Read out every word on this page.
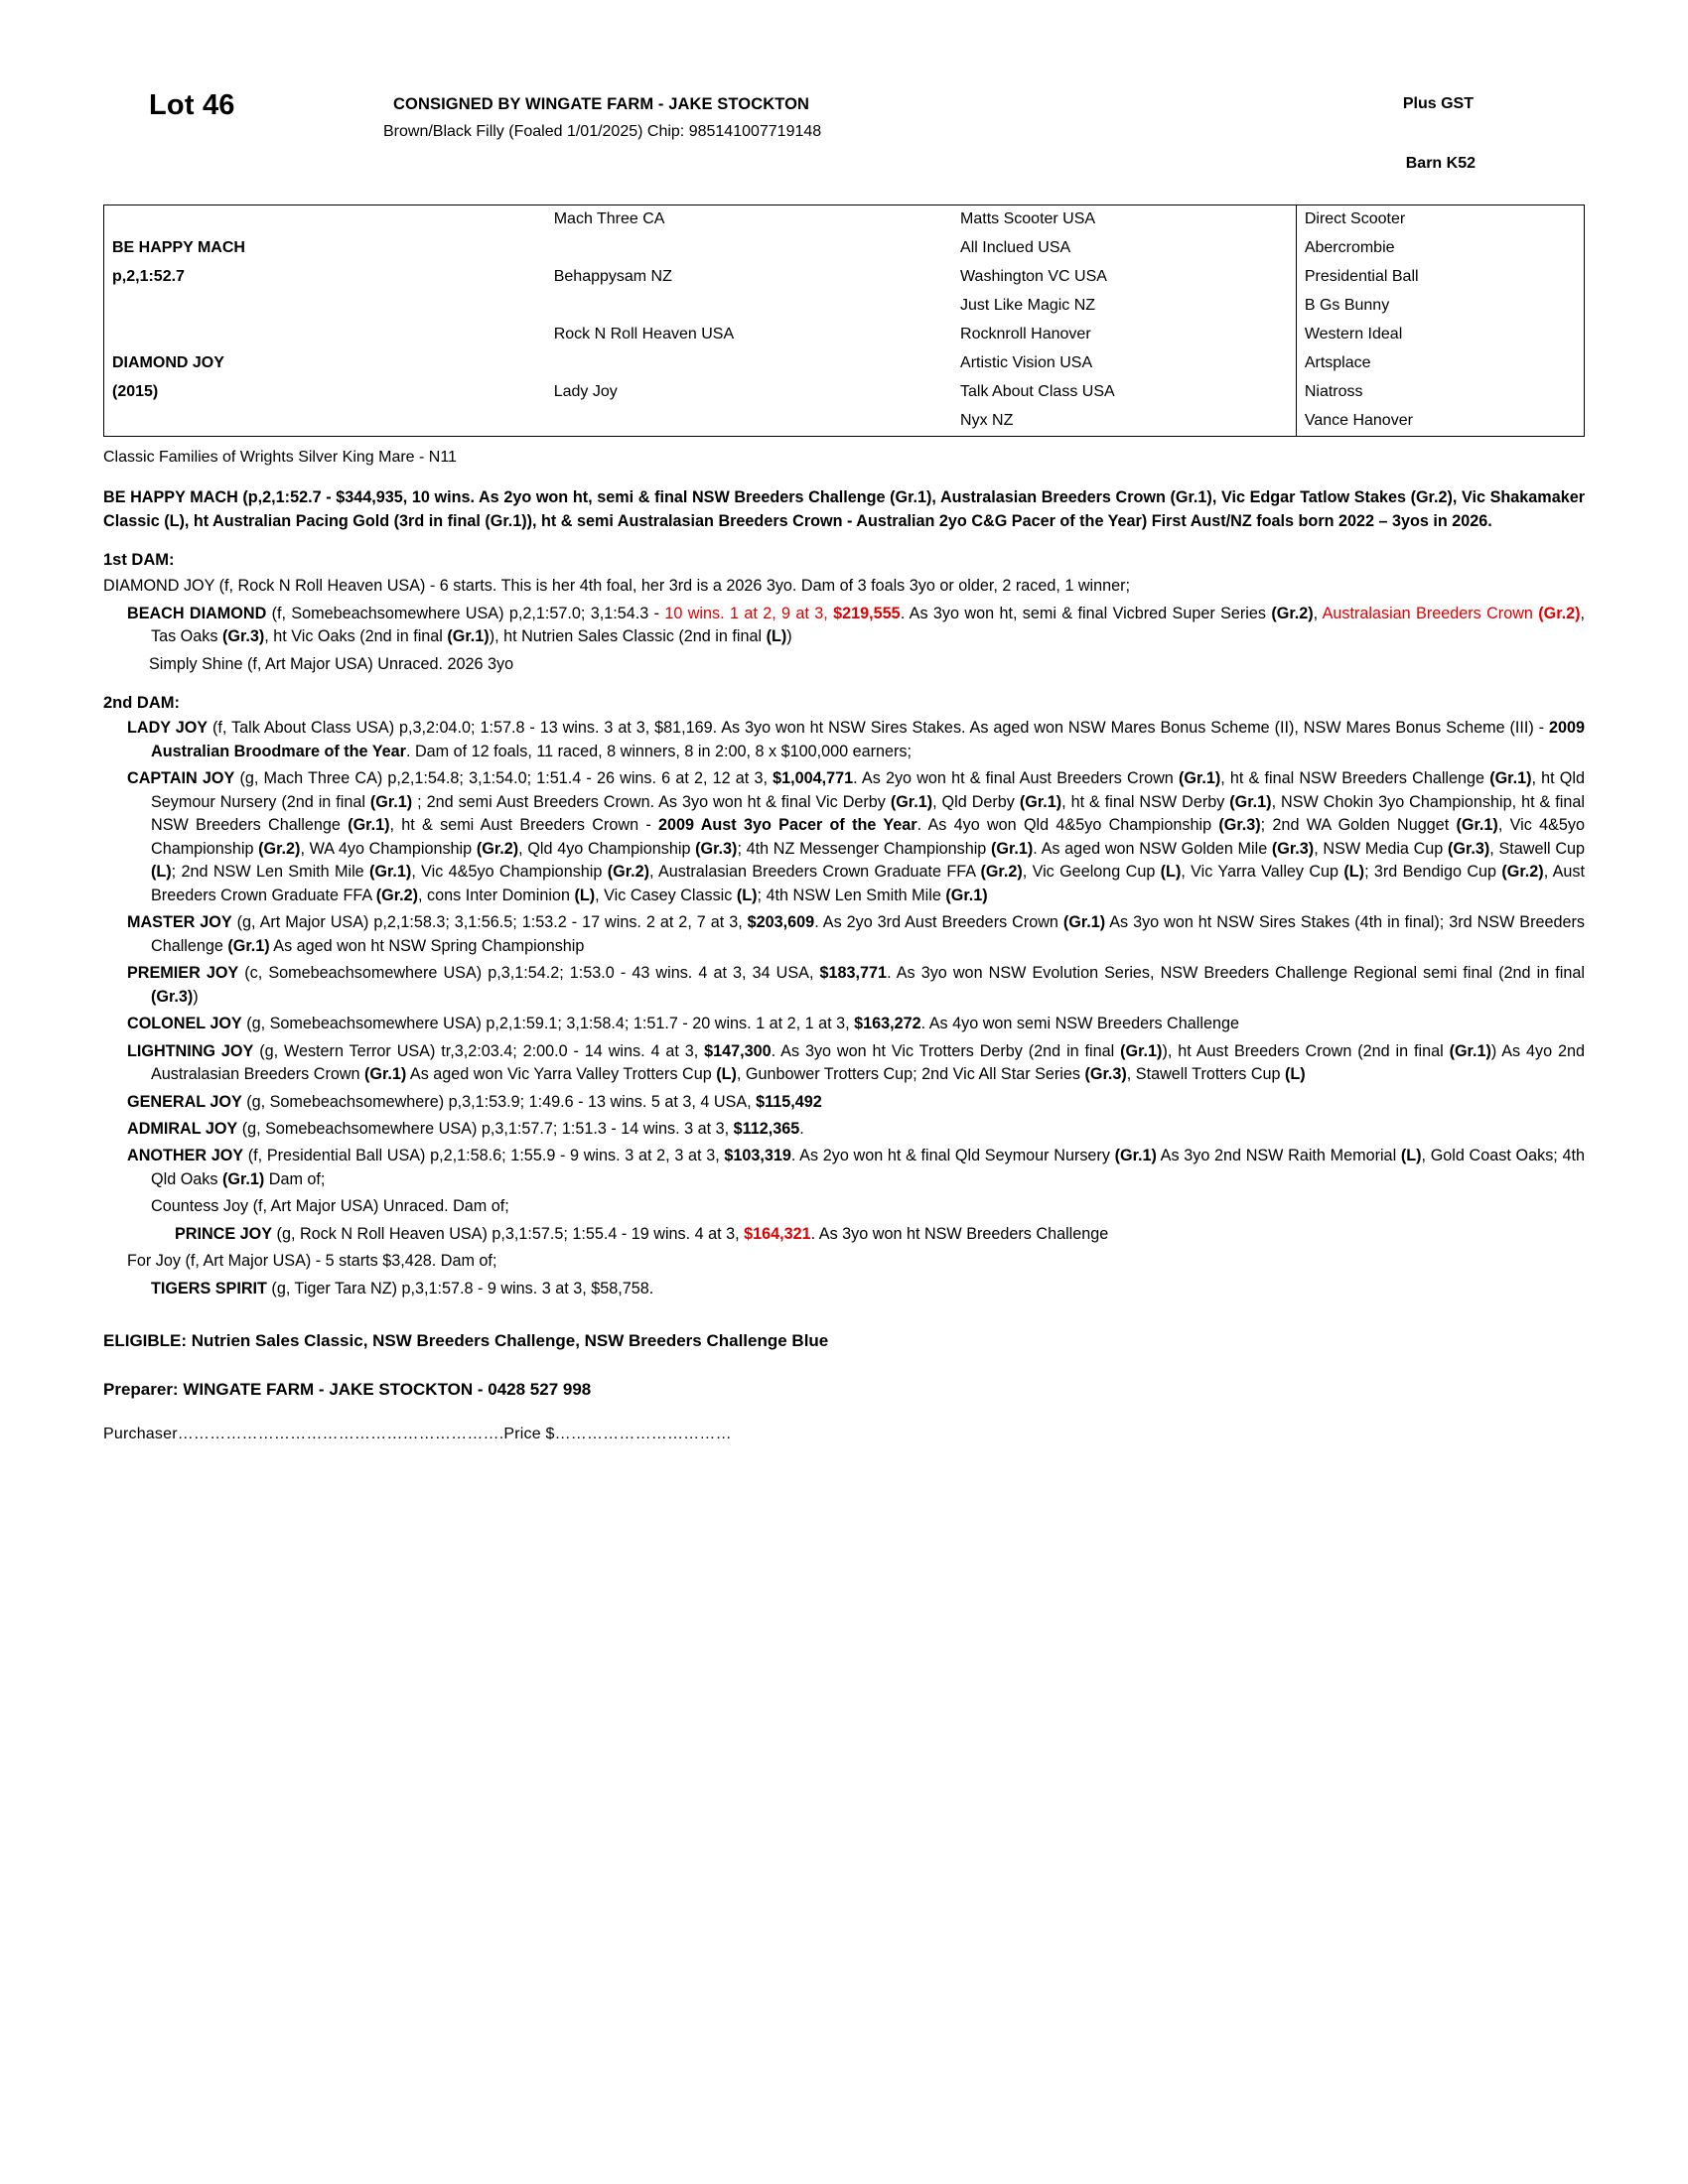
Lot 46	CONSIGNED BY WINGATE FARM - JAKE STOCKTON
Brown/Black Filly (Foaled 1/01/2025) Chip: 985141007719148
Plus GST
Barn K52
	Mach Three CA	Matts Scooter USA	Direct Scooter
BE HAPPY MACH		All Inclued USA	Abercrombie
p,2,1:52.7	Behappysam NZ	Washington VC USA	Presidential Ball
		Just Like Magic NZ	B Gs Bunny
	Rock N Roll Heaven USA	Rocknroll Hanover	Western Ideal
DIAMOND JOY		Artistic Vision USA	Artsplace
(2015)	Lady Joy	Talk About Class USA	Niatross
		Nyx NZ	Vance Hanover
Classic Families of Wrights Silver King Mare - N11
BE HAPPY MACH (p,2,1:52.7 - $344,935, 10 wins. As 2yo won ht, semi & final NSW Breeders Challenge (Gr.1), Australasian Breeders Crown (Gr.1), Vic Edgar Tatlow Stakes (Gr.2), Vic Shakamaker Classic (L), ht Australian Pacing Gold (3rd in final (Gr.1)), ht & semi Australasian Breeders Crown - Australian 2yo C&G Pacer of the Year) First Aust/NZ foals born 2022 – 3yos in 2026.
1st DAM:
DIAMOND JOY (f, Rock N Roll Heaven USA) - 6 starts. This is her 4th foal, her 3rd is a 2026 3yo. Dam of 3 foals 3yo or older, 2 raced, 1 winner;
BEACH DIAMOND (f, Somebeachsomewhere USA) p,2,1:57.0; 3,1:54.3 - 10 wins. 1 at 2, 9 at 3, $219,555. As 3yo won ht, semi & final Vicbred Super Series (Gr.2), Australasian Breeders Crown (Gr.2), Tas Oaks (Gr.3), ht Vic Oaks (2nd in final (Gr.1)), ht Nutrien Sales Classic (2nd in final (L))
Simply Shine (f, Art Major USA) Unraced. 2026 3yo
2nd DAM:
LADY JOY (f, Talk About Class USA) p,3,2:04.0; 1:57.8 - 13 wins. 3 at 3, $81,169. As 3yo won ht NSW Sires Stakes. As aged won NSW Mares Bonus Scheme (II), NSW Mares Bonus Scheme (III) - 2009 Australian Broodmare of the Year. Dam of 12 foals, 11 raced, 8 winners, 8 in 2:00, 8 x $100,000 earners;
CAPTAIN JOY (g, Mach Three CA) p,2,1:54.8; 3,1:54.0; 1:51.4 - 26 wins. 6 at 2, 12 at 3, $1,004,771. As 2yo won ht & final Aust Breeders Crown (Gr.1), ht & final NSW Breeders Challenge (Gr.1), ht Qld Seymour Nursery (2nd in final (Gr.1) ; 2nd semi Aust Breeders Crown. As 3yo won ht & final Vic Derby (Gr.1), Qld Derby (Gr.1), ht & final NSW Derby (Gr.1), NSW Chokin 3yo Championship, ht & final NSW Breeders Challenge (Gr.1), ht & semi Aust Breeders Crown - 2009 Aust 3yo Pacer of the Year. As 4yo won Qld 4&5yo Championship (Gr.3); 2nd WA Golden Nugget (Gr.1), Vic 4&5yo Championship (Gr.2), WA 4yo Championship (Gr.2), Qld 4yo Championship (Gr.3); 4th NZ Messenger Championship (Gr.1). As aged won NSW Golden Mile (Gr.3), NSW Media Cup (Gr.3), Stawell Cup (L); 2nd NSW Len Smith Mile (Gr.1), Vic 4&5yo Championship (Gr.2), Australasian Breeders Crown Graduate FFA (Gr.2), Vic Geelong Cup (L), Vic Yarra Valley Cup (L); 3rd Bendigo Cup (Gr.2), Aust Breeders Crown Graduate FFA (Gr.2), cons Inter Dominion (L), Vic Casey Classic (L); 4th NSW Len Smith Mile (Gr.1)
MASTER JOY (g, Art Major USA) p,2,1:58.3; 3,1:56.5; 1:53.2 - 17 wins. 2 at 2, 7 at 3, $203,609. As 2yo 3rd Aust Breeders Crown (Gr.1) As 3yo won ht NSW Sires Stakes (4th in final); 3rd NSW Breeders Challenge (Gr.1) As aged won ht NSW Spring Championship
PREMIER JOY (c, Somebeachsomewhere USA) p,3,1:54.2; 1:53.0 - 43 wins. 4 at 3, 34 USA, $183,771. As 3yo won NSW Evolution Series, NSW Breeders Challenge Regional semi final (2nd in final (Gr.3))
COLONEL JOY (g, Somebeachsomewhere USA) p,2,1:59.1; 3,1:58.4; 1:51.7 - 20 wins. 1 at 2, 1 at 3, $163,272. As 4yo won semi NSW Breeders Challenge
LIGHTNING JOY (g, Western Terror USA) tr,3,2:03.4; 2:00.0 - 14 wins. 4 at 3, $147,300. As 3yo won ht Vic Trotters Derby (2nd in final (Gr.1)), ht Aust Breeders Crown (2nd in final (Gr.1)) As 4yo 2nd Australasian Breeders Crown (Gr.1) As aged won Vic Yarra Valley Trotters Cup (L), Gunbower Trotters Cup; 2nd Vic All Star Series (Gr.3), Stawell Trotters Cup (L)
GENERAL JOY (g, Somebeachsomewhere) p,3,1:53.9; 1:49.6 - 13 wins. 5 at 3, 4 USA, $115,492
ADMIRAL JOY (g, Somebeachsomewhere USA) p,3,1:57.7; 1:51.3 - 14 wins. 3 at 3, $112,365.
ANOTHER JOY (f, Presidential Ball USA) p,2,1:58.6; 1:55.9 - 9 wins. 3 at 2, 3 at 3, $103,319. As 2yo won ht & final Qld Seymour Nursery (Gr.1) As 3yo 2nd NSW Raith Memorial (L), Gold Coast Oaks; 4th Qld Oaks (Gr.1) Dam of;
Countess Joy (f, Art Major USA) Unraced. Dam of;
PRINCE JOY (g, Rock N Roll Heaven USA) p,3,1:57.5; 1:55.4 - 19 wins. 4 at 3, $164,321. As 3yo won ht NSW Breeders Challenge
For Joy (f, Art Major USA) - 5 starts $3,428. Dam of;
TIGERS SPIRIT (g, Tiger Tara NZ) p,3,1:57.8 - 9 wins. 3 at 3, $58,758.
ELIGIBLE: Nutrien Sales Classic, NSW Breeders Challenge, NSW Breeders Challenge Blue
Preparer: WINGATE FARM - JAKE STOCKTON - 0428 527 998
Purchaser…………………………………………………….Price $……………………………
